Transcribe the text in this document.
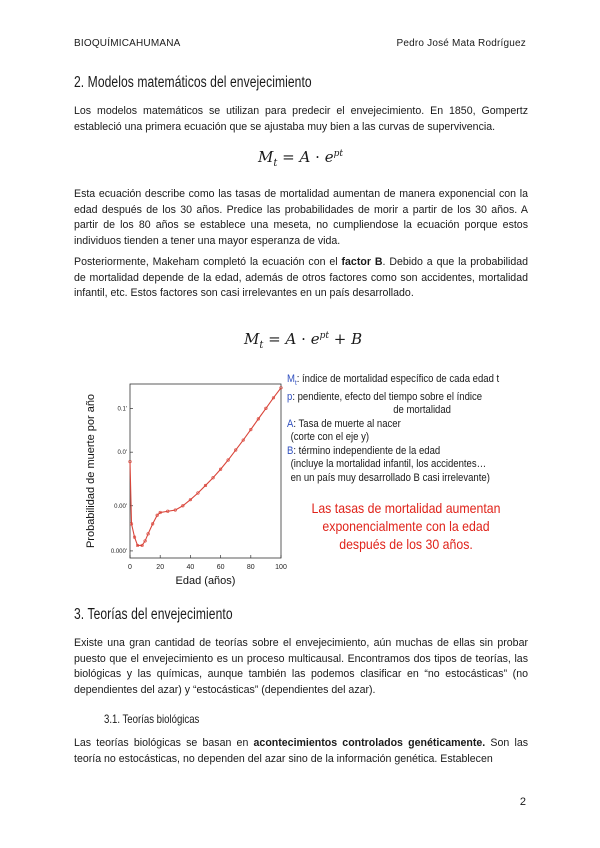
BIOQUÍMICAHUMANA	Pedro José Mata Rodríguez
2. Modelos matemáticos del envejecimiento

Los modelos matemáticos se utilizan para predecir el envejecimiento. En 1850, Gompertz estableció una primera ecuación que se ajustaba muy bien a las curvas de supervivencia.

$M_t = A \cdot e^{pt}$

Esta ecuación describe como las tasas de mortalidad aumentan de manera exponencial con la edad después de los 30 años. Predice las probabilidades de morir a partir de los 30 años. A partir de los 80 años se establece una meseta, no cumpliendose la ecuación porque estos individuos tienden a tener una mayor esperanza de vida.

Posteriormente, Makeham completó la ecuación con el factor B. Debido a que la probabilidad de mortalidad depende de la edad, además de otros factores como son accidentes, mortalidad infantil, etc. Estos factores son casi irrelevantes en un país desarrollado.

$M_t = A \cdot e^{pt} + B$
0	20	40	60	80	100
0.000'
0.00'
0.0'
0.1'
Edad (años)
Probabilidad de muerte por año
$M_t$: índice de mortalidad específico de cada edad t
p: pendiente, efecto del tiempo sobre el índice
de mortalidad
A: Tasa de muerte al nacer
(corte con el eje y)
B: término independiente de la edad
(incluye la mortalidad infantil, los accidentes…
en un país muy desarrollado B casi irrelevante)
Las tasas de mortalidad aumentan
exponencialmente con la edad
después de los 30 años.
3. Teorías del envejecimiento

Existe una gran cantidad de teorías sobre el envejecimiento, aún muchas de ellas sin probar puesto que el envejecimiento es un proceso multicausal. Encontramos dos tipos de teorías, las biológicas y las químicas, aunque también las podemos clasificar en “no estocásticas” (no dependientes del azar) y “estocásticas” (dependientes del azar).

3.1. Teorías biológicas

Las teorías biológicas se basan en acontecimientos controlados genéticamente. Son las teoría no estocásticas, no dependen del azar sino de la información genética. Establecen

2
